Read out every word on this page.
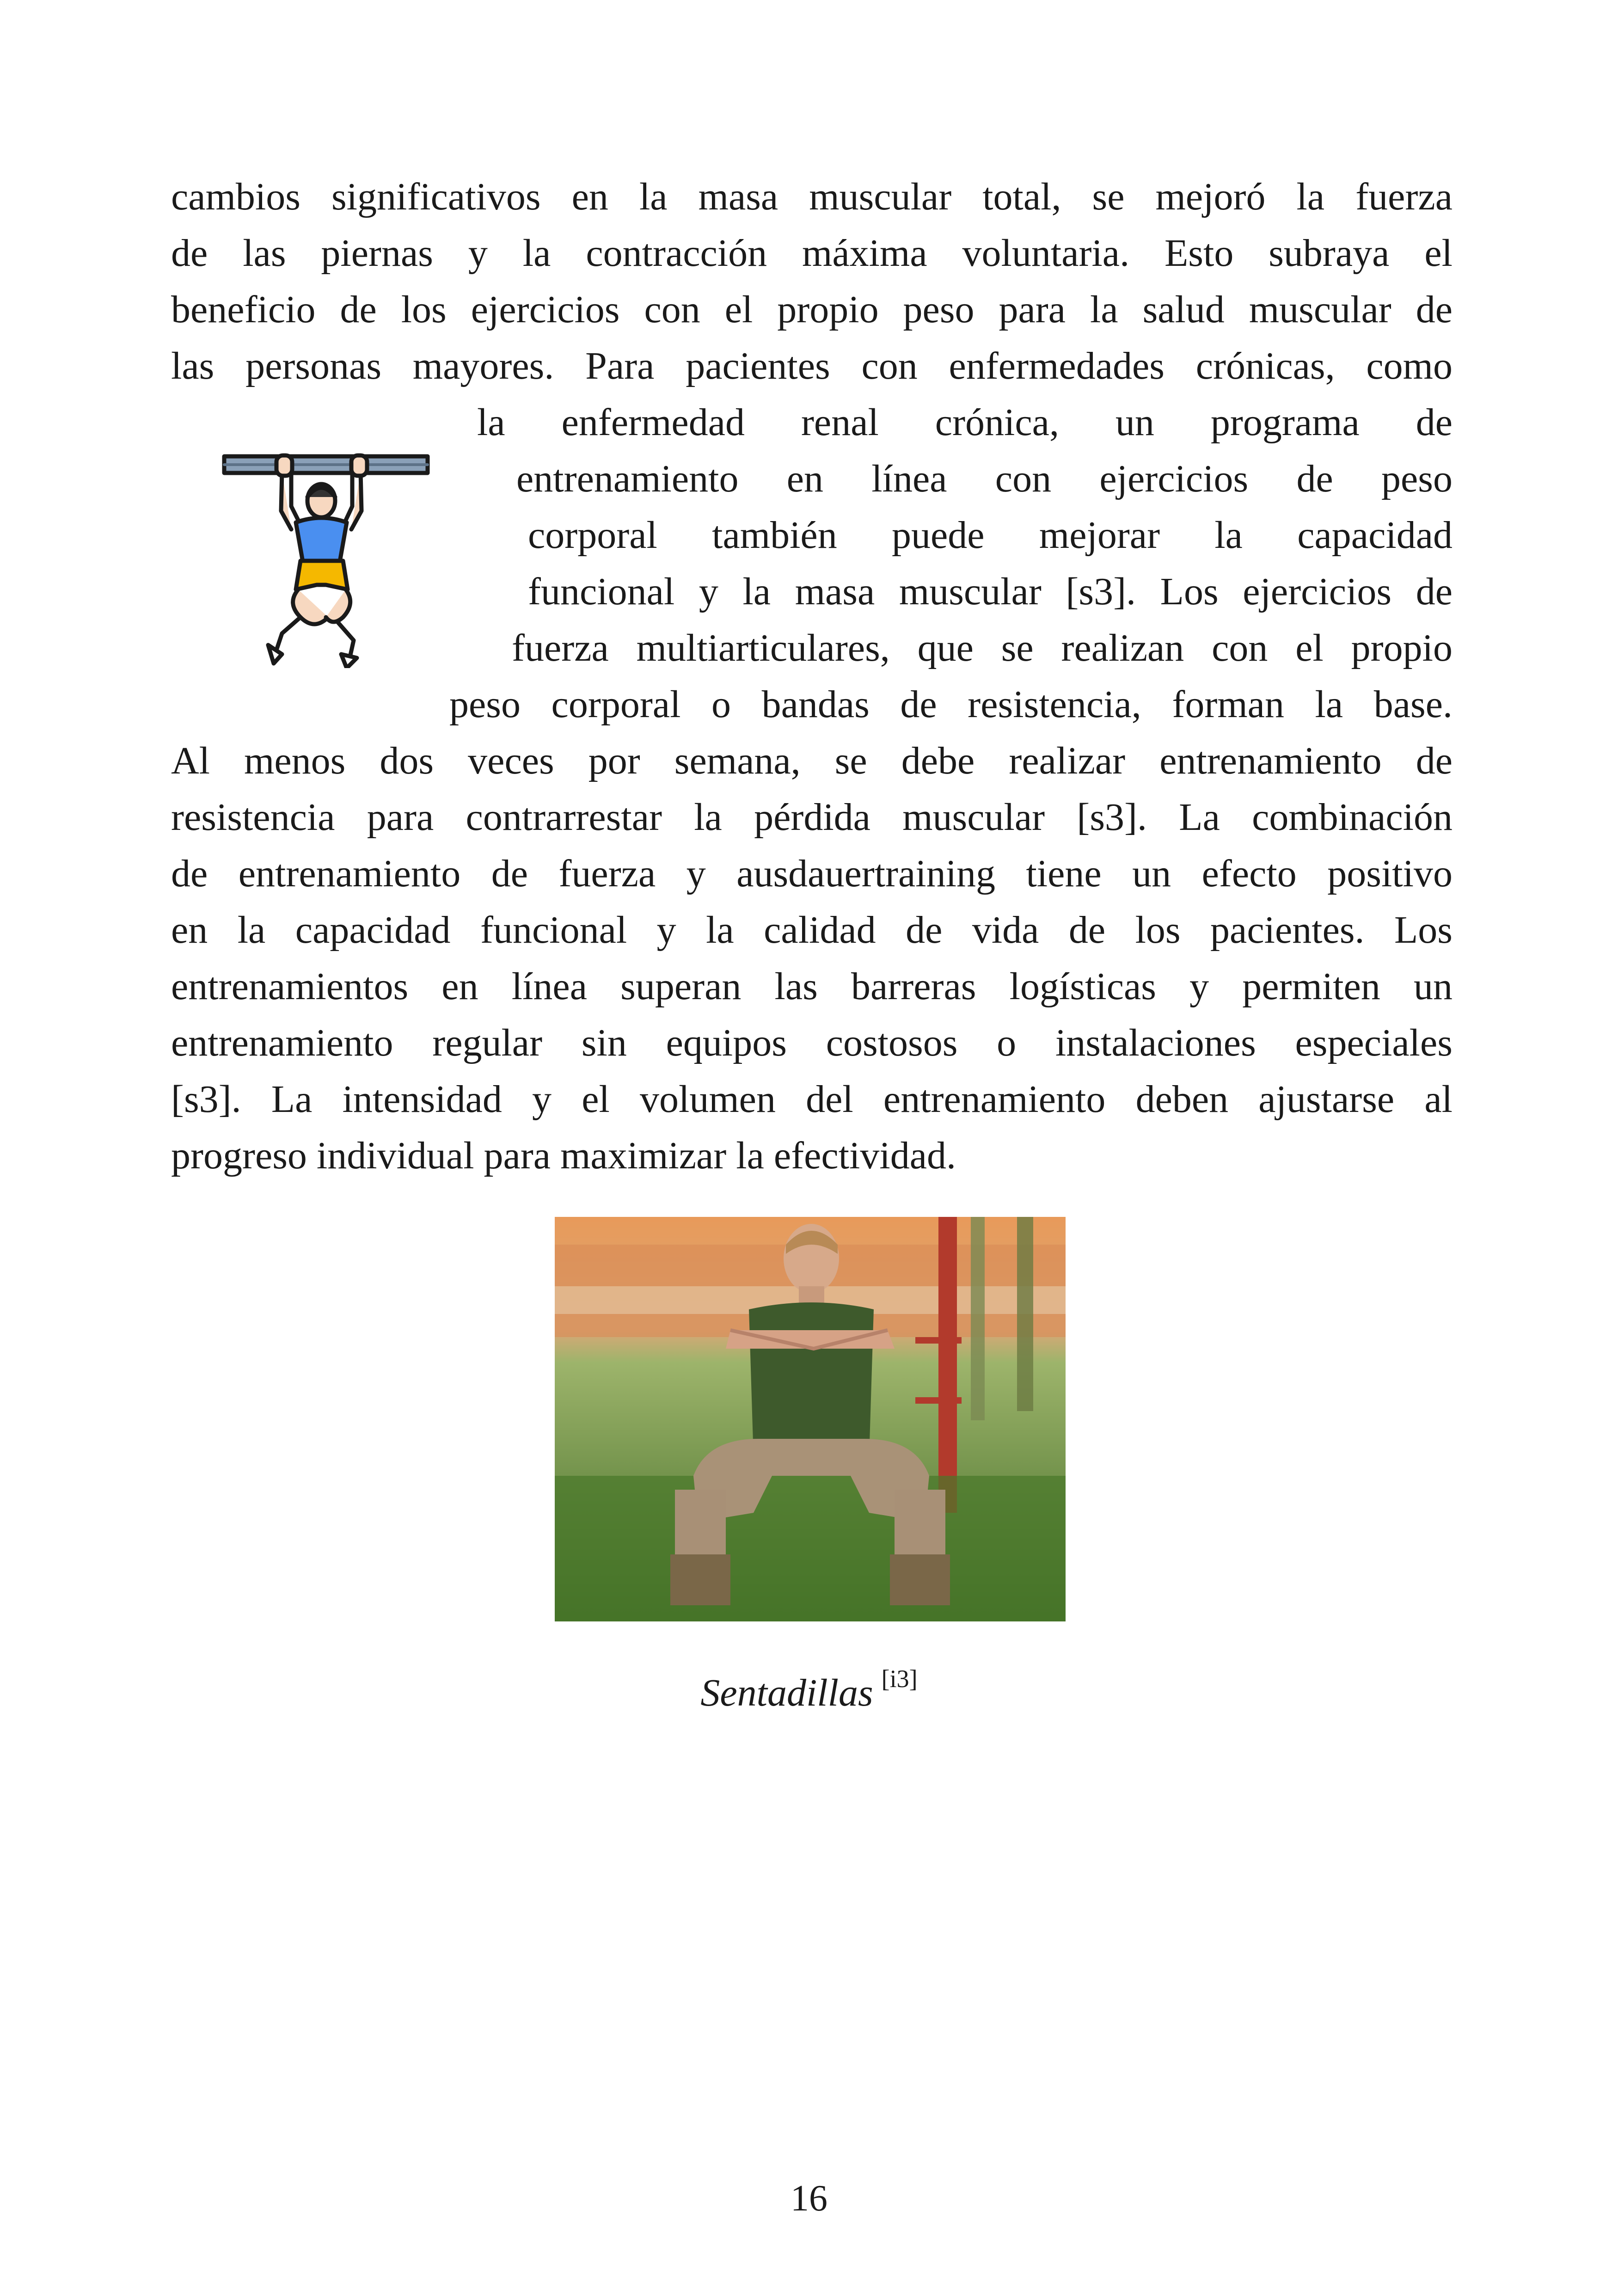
cambios significativos en la masa muscular total, se mejoró la fuerza
de las piernas y la contracción máxima voluntaria. Esto subraya el
beneficio de los ejercicios con el propio peso para la salud muscular de
las personas mayores. Para pacientes con enfermedades crónicas, como
la enfermedad renal crónica, un programa de
entrenamiento en línea con ejercicios de peso
corporal también puede mejorar la capacidad
funcional y la masa muscular [s3]. Los ejercicios de
fuerza multiarticulares, que se realizan con el propio
peso corporal o bandas de resistencia, forman la base.
Al menos dos veces por semana, se debe realizar entrenamiento de
resistencia para contrarrestar la pérdida muscular [s3]. La combinación
de entrenamiento de fuerza y ausdauertraining tiene un efecto positivo
en la capacidad funcional y la calidad de vida de los pacientes. Los
entrenamientos en línea superan las barreras logísticas y permiten un
entrenamiento regular sin equipos costosos o instalaciones especiales
[s3]. La intensidad y el volumen del entrenamiento deben ajustarse al
progreso individual para maximizar la efectividad.
Sentadillas [i3]
16
